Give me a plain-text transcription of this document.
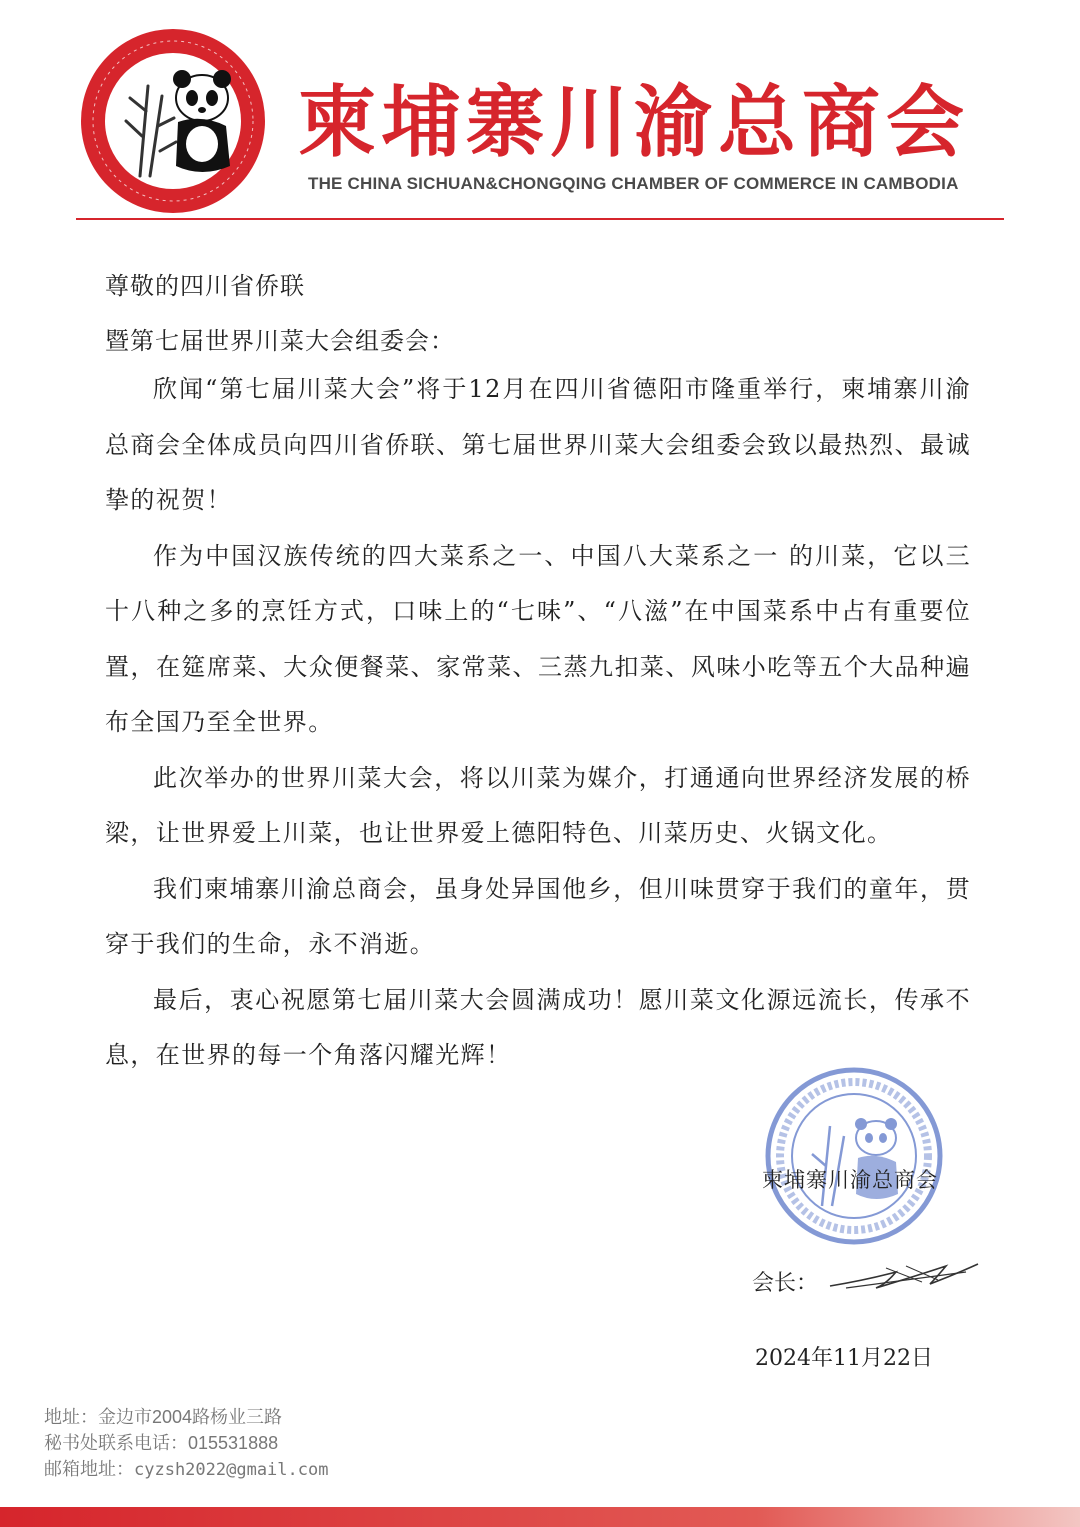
柬埔寨川渝总商会
THE CHINA SICHUAN&CHONGQING CHAMBER OF COMMERCE IN CAMBODIA
尊敬的四川省侨联
暨第七届世界川菜大会组委会：

欣闻“第七届川菜大会”将于12月在四川省德阳市隆重举行，柬埔寨川渝总商会全体成员向四川省侨联、第七届世界川菜大会组委会致以最热烈、最诚挚的祝贺！

作为中国汉族传统的四大菜系之一、中国八大菜系之一 的川菜，它以三十八种之多的烹饪方式，口味上的“七味”、“八滋”在中国菜系中占有重要位置，在筵席菜、大众便餐菜、家常菜、三蒸九扣菜、风味小吃等五个大品种遍布全国乃至全世界。

此次举办的世界川菜大会，将以川菜为媒介，打通通向世界经济发展的桥梁，让世界爱上川菜，也让世界爱上德阳特色、川菜历史、火锅文化。

我们柬埔寨川渝总商会，虽身处异国他乡，但川味贯穿于我们的童年，贯穿于我们的生命，永不消逝。

最后，衷心祝愿第七届川菜大会圆满成功！愿川菜文化源远流长，传承不息，在世界的每一个角落闪耀光辉！

柬埔寨川渝总商会
会长：
2024年11月22日
地址：金边市2004路杨业三路
秘书处联系电话：015531888
邮箱地址：cyzsh2022@gmail.com
